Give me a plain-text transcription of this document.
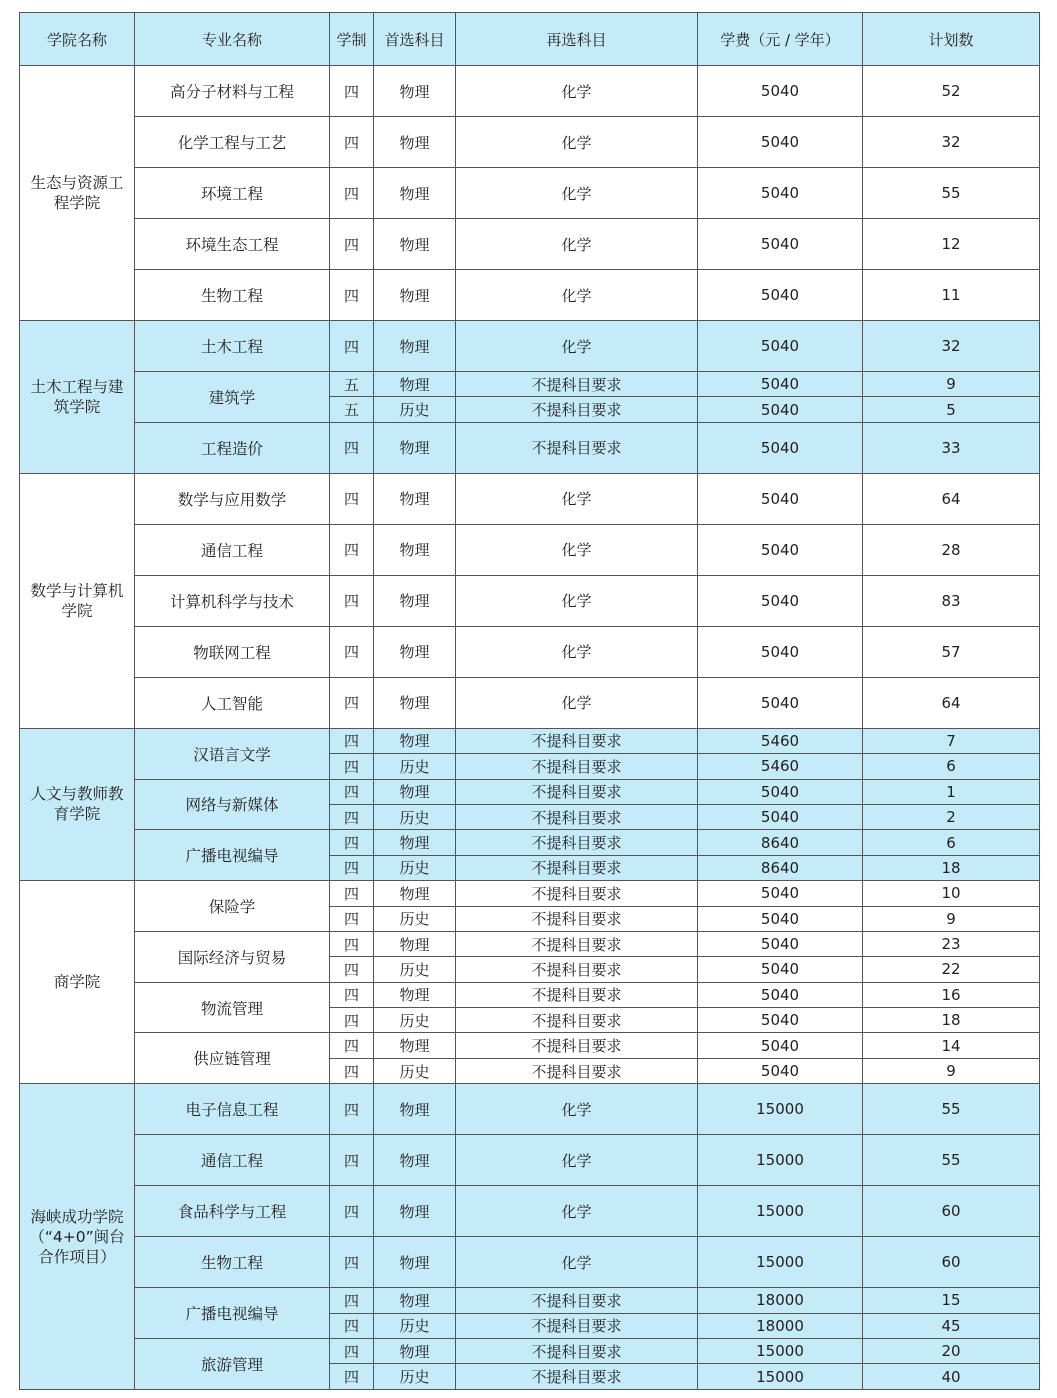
学院名称	专业名称	学制	首选科目	再选科目	学费（元 / 学年）	计划数
生态与资源工程学院	高分子材料与工程	四	物理	化学	5040	52
	化学工程与工艺	四	物理	化学	5040	32
	环境工程	四	物理	化学	5040	55
	环境生态工程	四	物理	化学	5040	12
	生物工程	四	物理	化学	5040	11
土木工程与建筑学院	土木工程	四	物理	化学	5040	32
	建筑学	五	物理	不提科目要求	5040	9
		五	历史	不提科目要求	5040	5
	工程造价	四	物理	不提科目要求	5040	33
数学与计算机学院	数学与应用数学	四	物理	化学	5040	64
	通信工程	四	物理	化学	5040	28
	计算机科学与技术	四	物理	化学	5040	83
	物联网工程	四	物理	化学	5040	57
	人工智能	四	物理	化学	5040	64
人文与教师教育学院	汉语言文学	四	物理	不提科目要求	5460	7
		四	历史	不提科目要求	5460	6
	网络与新媒体	四	物理	不提科目要求	5040	1
		四	历史	不提科目要求	5040	2
	广播电视编导	四	物理	不提科目要求	8640	6
		四	历史	不提科目要求	8640	18
商学院	保险学	四	物理	不提科目要求	5040	10
		四	历史	不提科目要求	5040	9
	国际经济与贸易	四	物理	不提科目要求	5040	23
		四	历史	不提科目要求	5040	22
	物流管理	四	物理	不提科目要求	5040	16
		四	历史	不提科目要求	5040	18
	供应链管理	四	物理	不提科目要求	5040	14
		四	历史	不提科目要求	5040	9
海峡成功学院（“4+0”闽台合作项目）	电子信息工程	四	物理	化学	15000	55
	通信工程	四	物理	化学	15000	55
	食品科学与工程	四	物理	化学	15000	60
	生物工程	四	物理	化学	15000	60
	广播电视编导	四	物理	不提科目要求	18000	15
		四	历史	不提科目要求	18000	45
	旅游管理	四	物理	不提科目要求	15000	20
		四	历史	不提科目要求	15000	40
